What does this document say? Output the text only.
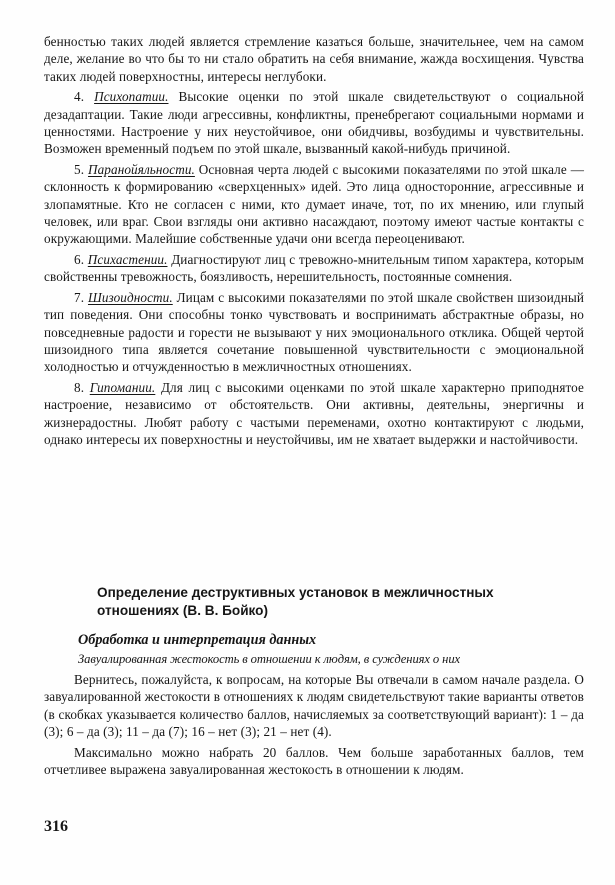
бенностью таких людей является стремление казаться больше, значительнее, чем на самом деле, желание во что бы то ни стало обратить на себя внимание, жажда восхищения. Чувства таких людей поверхностны, интересы неглубоки.

4. Психопатии. Высокие оценки по этой шкале свидетельствуют о социальной дезадаптации. Такие люди агрессивны, конфликтны, пренебрегают социальными нормами и ценностями. Настроение у них неустойчивое, они обидчивы, возбудимы и чувствительны. Возможен временный подъем по этой шкале, вызванный какой-нибудь причиной.

5. Паранойяльности. Основная черта людей с высокими показателями по этой шкале — склонность к формированию «сверхценных» идей. Это лица односторонние, агрессивные и злопамятные. Кто не согласен с ними, кто думает иначе, тот, по их мнению, или глупый человек, или враг. Свои взгляды они активно насаждают, поэтому имеют частые контакты с окружающими. Малейшие собственные удачи они всегда переоценивают.

6. Психастении. Диагностируют лиц с тревожно-мнительным типом характера, которым свойственны тревожность, боязливость, нерешительность, постоянные сомнения.

7. Шизоидности. Лицам с высокими показателями по этой шкале свойствен шизоидный тип поведения. Они способны тонко чувствовать и воспринимать абстрактные образы, но повседневные радости и горести не вызывают у них эмоционального отклика. Общей чертой шизоидного типа является сочетание повышенной чувствительности с эмоциональной холодностью и отчужденностью в межличностных отношениях.

8. Гипомании. Для лиц с высокими оценками по этой шкале характерно приподнятое настроение, независимо от обстоятельств. Они активны, деятельны, энергичны и жизнерадостны. Любят работу с частыми переменами, охотно контактируют с людьми, однако интересы их поверхностны и неустойчивы, им не хватает выдержки и настойчивости.

Определение деструктивных установок в межличностных отношениях (В. В. Бойко)
Обработка и интерпретация данных
Завуалированная жестокость в отношении к людям, в суждениях о них

Вернитесь, пожалуйста, к вопросам, на которые Вы отвечали в самом начале раздела. О завуалированной жестокости в отношениях к людям свидетельствуют такие варианты ответов (в скобках указывается количество баллов, начисляемых за соответствующий вариант): 1 – да (3); 6 – да (3); 11 – да (7); 16 – нет (3); 21 – нет (4).

Максимально можно набрать 20 баллов. Чем больше заработанных баллов, тем отчетливее выражена завуалированная жестокость в отношении к людям.

316
